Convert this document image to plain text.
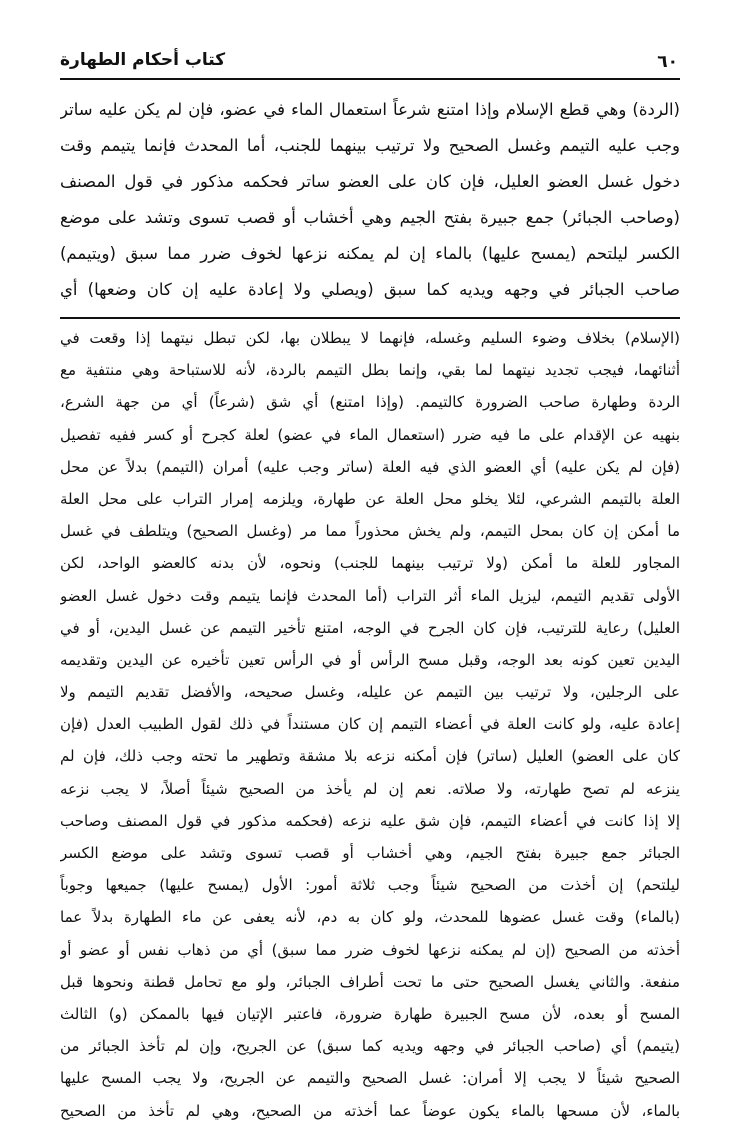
٦٠
كتاب أحكام الطهارة
(الردة) وهي قطع الإسلام وإذا امتنع شرعاً استعمال الماء في عضو، فإن لم يكن عليه ساتر
وجب عليه التيمم وغسل الصحيح ولا ترتيب بينهما للجنب، أما المحدث فإنما يتيمم وقت
دخول غسل العضو العليل، فإن كان على العضو ساتر فحكمه مذكور في قول المصنف
(وصاحب الجبائر) جمع جبيرة بفتح الجيم وهي أخشاب أو قصب تسوى وتشد على موضع
الكسر ليلتحم (يمسح عليها) بالماء إن لم يمكنه نزعها لخوف ضرر مما سبق (ويتيمم)
صاحب الجبائر في وجهه ويديه كما سبق (ويصلي ولا إعادة عليه إن كان وضعها) أي
(الإسلام) بخلاف وضوء السليم وغسله، فإنهما لا يبطلان بها، لكن تبطل نيتهما إذا وقعت في
أثنائهما، فيجب تجديد نيتهما لما بقي، وإنما بطل التيمم بالردة، لأنه للاستباحة وهي منتفية مع
الردة وطهارة صاحب الضرورة كالتيمم. (وإذا امتنع) أي شق (شرعاً) أي من جهة الشرع،
بنهيه عن الإقدام على ما فيه ضرر (استعمال الماء في عضو) لعلة كجرح أو كسر ففيه تفصيل
(فإن لم يكن عليه) أي العضو الذي فيه العلة (ساتر وجب عليه) أمران (التيمم) بدلاً عن محل
العلة بالتيمم الشرعي، لئلا يخلو محل العلة عن طهارة، ويلزمه إمرار التراب على محل العلة
ما أمكن إن كان بمحل التيمم، ولم يخش محذوراً مما مر (وغسل الصحيح) ويتلطف في غسل
المجاور للعلة ما أمكن (ولا ترتيب بينهما للجنب) ونحوه، لأن بدنه كالعضو الواحد، لكن
الأولى تقديم التيمم، ليزيل الماء أثر التراب (أما المحدث فإنما يتيمم وقت دخول غسل العضو
العليل) رعاية للترتيب، فإن كان الجرح في الوجه، امتنع تأخير التيمم عن غسل اليدين، أو في
اليدين تعين كونه بعد الوجه، وقبل مسح الرأس أو في الرأس تعين تأخيره عن اليدين وتقديمه
على الرجلين، ولا ترتيب بين التيمم عن عليله، وغسل صحيحه، والأفضل تقديم التيمم ولا
إعادة عليه، ولو كانت العلة في أعضاء التيمم إن كان مستنداً في ذلك لقول الطبيب العدل (فإن
كان على العضو) العليل (ساتر) فإن أمكنه نزعه بلا مشقة وتطهير ما تحته وجب ذلك، فإن لم
ينزعه لم تصح طهارته، ولا صلاته. نعم إن لم يأخذ من الصحيح شيئاً أصلاً، لا يجب نزعه
إلا إذا كانت في أعضاء التيمم، فإن شق عليه نزعه (فحكمه مذكور في قول المصنف وصاحب
الجبائر جمع جبيرة بفتح الجيم، وهي أخشاب أو قصب تسوى وتشد على موضع الكسر
ليلتحم) إن أخذت من الصحيح شيئاً وجب ثلاثة أمور: الأول (يمسح عليها) جميعها وجوباً
(بالماء) وقت غسل عضوها للمحدث، ولو كان به دم، لأنه يعفى عن ماء الطهارة بدلاً عما
أخذته من الصحيح (إن لم يمكنه نزعها لخوف ضرر مما سبق) أي من ذهاب نفس أو عضو أو
منفعة. والثاني يغسل الصحيح حتى ما تحت أطراف الجبائر، ولو مع تحامل قطنة ونحوها قبل
المسح أو بعده، لأن مسح الجبيرة طهارة ضرورة، فاعتبر الإتيان فيها بالممكن (و) الثالث
(يتيمم) أي (صاحب الجبائر في وجهه ويديه كما سبق) عن الجريح، وإن لم تأخذ الجبائر من
الصحيح شيئاً لا يجب إلا أمران: غسل الصحيح والتيمم عن الجريح، ولا يجب المسح عليها
بالماء، لأن مسحها بالماء يكون عوضاً عما أخذته من الصحيح، وهي لم تأخذ من الصحيح
